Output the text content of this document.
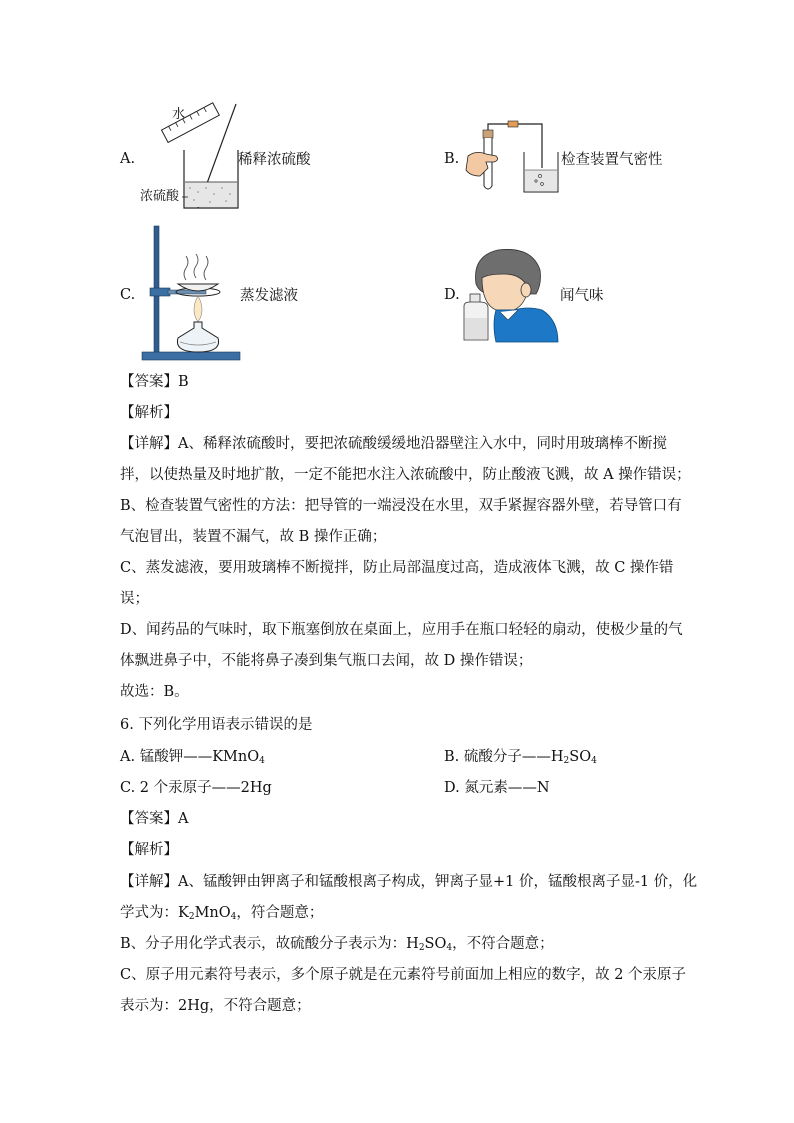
A.
水
浓硫酸
稀释浓硫酸	B.	检查装置气密性
C.	蒸发滤液	D.	闻气味
【答案】B
【解析】
【详解】A、稀释浓硫酸时，要把浓硫酸缓缓地沿器壁注入水中，同时用玻璃棒不断搅
拌，以使热量及时地扩散，一定不能把水注入浓硫酸中，防止酸液飞溅，故 A 操作错误；
B、检查装置气密性的方法：把导管的一端浸没在水里，双手紧握容器外壁，若导管口有
气泡冒出，装置不漏气，故 B 操作正确；
C、蒸发滤液，要用玻璃棒不断搅拌，防止局部温度过高，造成液体飞溅，故 C 操作错
误；
D、闻药品的气味时，取下瓶塞倒放在桌面上，应用手在瓶口轻轻的扇动，使极少量的气
体飘进鼻子中，不能将鼻子凑到集气瓶口去闻，故 D 操作错误；
故选：B。
6. 下列化学用语表示错误的是
A. 锰酸钾——KMnO$_4$	B. 硫酸分子$——H_2SO_4$
C. 2 个汞原子——2Hg	D. 氮元素——N
【答案】A
【解析】
【详解】A、锰酸钾由钾离子和锰酸根离子构成，钾离子显+1 价，锰酸根离子显-1 价，化
学式为：$K_2MnO_4$，符合题意；
B、分子用化学式表示，故硫酸分子表示为：$H_2SO_4$，不符合题意；
C、原子用元素符号表示，多个原子就是在元素符号前面加上相应的数字，故 2 个汞原子
表示为：2Hg，不符合题意；
